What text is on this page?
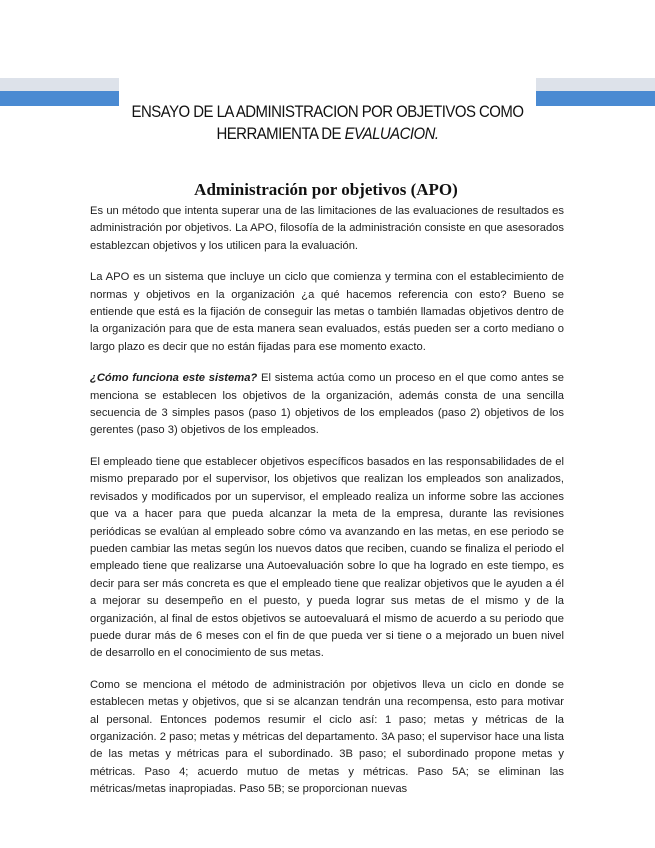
ENSAYO DE LA ADMINISTRACION POR OBJETIVOS COMO
HERRAMIENTA DE EVALUACION.
Administración por objetivos (APO)

Es un método que intenta superar una de las limitaciones de las evaluaciones de resultados es administración por objetivos. La APO, filosofía de la administración consiste en que asesorados establezcan objetivos y los utilicen para la evaluación.

La APO es un sistema que incluye un ciclo que comienza y termina con el establecimiento de normas y objetivos en la organización ¿a qué hacemos referencia con esto? Bueno se entiende que está es la fijación de conseguir las metas o también llamadas objetivos dentro de la organización para que de esta manera sean evaluados, estás pueden ser a corto mediano o largo plazo es decir que no están fijadas para ese momento exacto.

¿Cómo funciona este sistema? El sistema actúa como un proceso en el que como antes se menciona se establecen los objetivos de la organización, además consta de una sencilla secuencia de 3 simples pasos (paso 1) objetivos de los empleados (paso 2) objetivos de los gerentes (paso 3) objetivos de los empleados.

El empleado tiene que establecer objetivos específicos basados en las responsabilidades de el mismo preparado por el supervisor, los objetivos que realizan los empleados son analizados, revisados y modificados por un supervisor, el empleado realiza un informe sobre las acciones que va a hacer para que pueda alcanzar la meta de la empresa, durante las revisiones periódicas se evalúan al empleado sobre cómo va avanzando en las metas, en ese periodo se pueden cambiar las metas según los nuevos datos que reciben, cuando se finaliza el periodo el empleado tiene que realizarse una Autoevaluación sobre lo que ha logrado en este tiempo, es decir para ser más concreta es que el empleado tiene que realizar objetivos que le ayuden a él a mejorar su desempeño en el puesto, y pueda lograr sus metas de el mismo y de la organización, al final de estos objetivos se autoevaluará el mismo de acuerdo a su periodo que puede durar más de 6 meses con el fin de que pueda ver si tiene o a mejorado un buen nivel de desarrollo en el conocimiento de sus metas.

Como se menciona el método de administración por objetivos lleva un ciclo en donde se establecen metas y objetivos, que si se alcanzan tendrán una recompensa, esto para motivar al personal. Entonces podemos resumir el ciclo así: 1 paso; metas y métricas de la organización. 2 paso; metas y métricas del departamento. 3A paso; el supervisor hace una lista de las metas y métricas para el subordinado. 3B paso; el subordinado propone metas y métricas. Paso 4; acuerdo mutuo de metas y métricas. Paso 5A; se eliminan las métricas/metas inapropiadas. Paso 5B; se proporcionan nuevas
